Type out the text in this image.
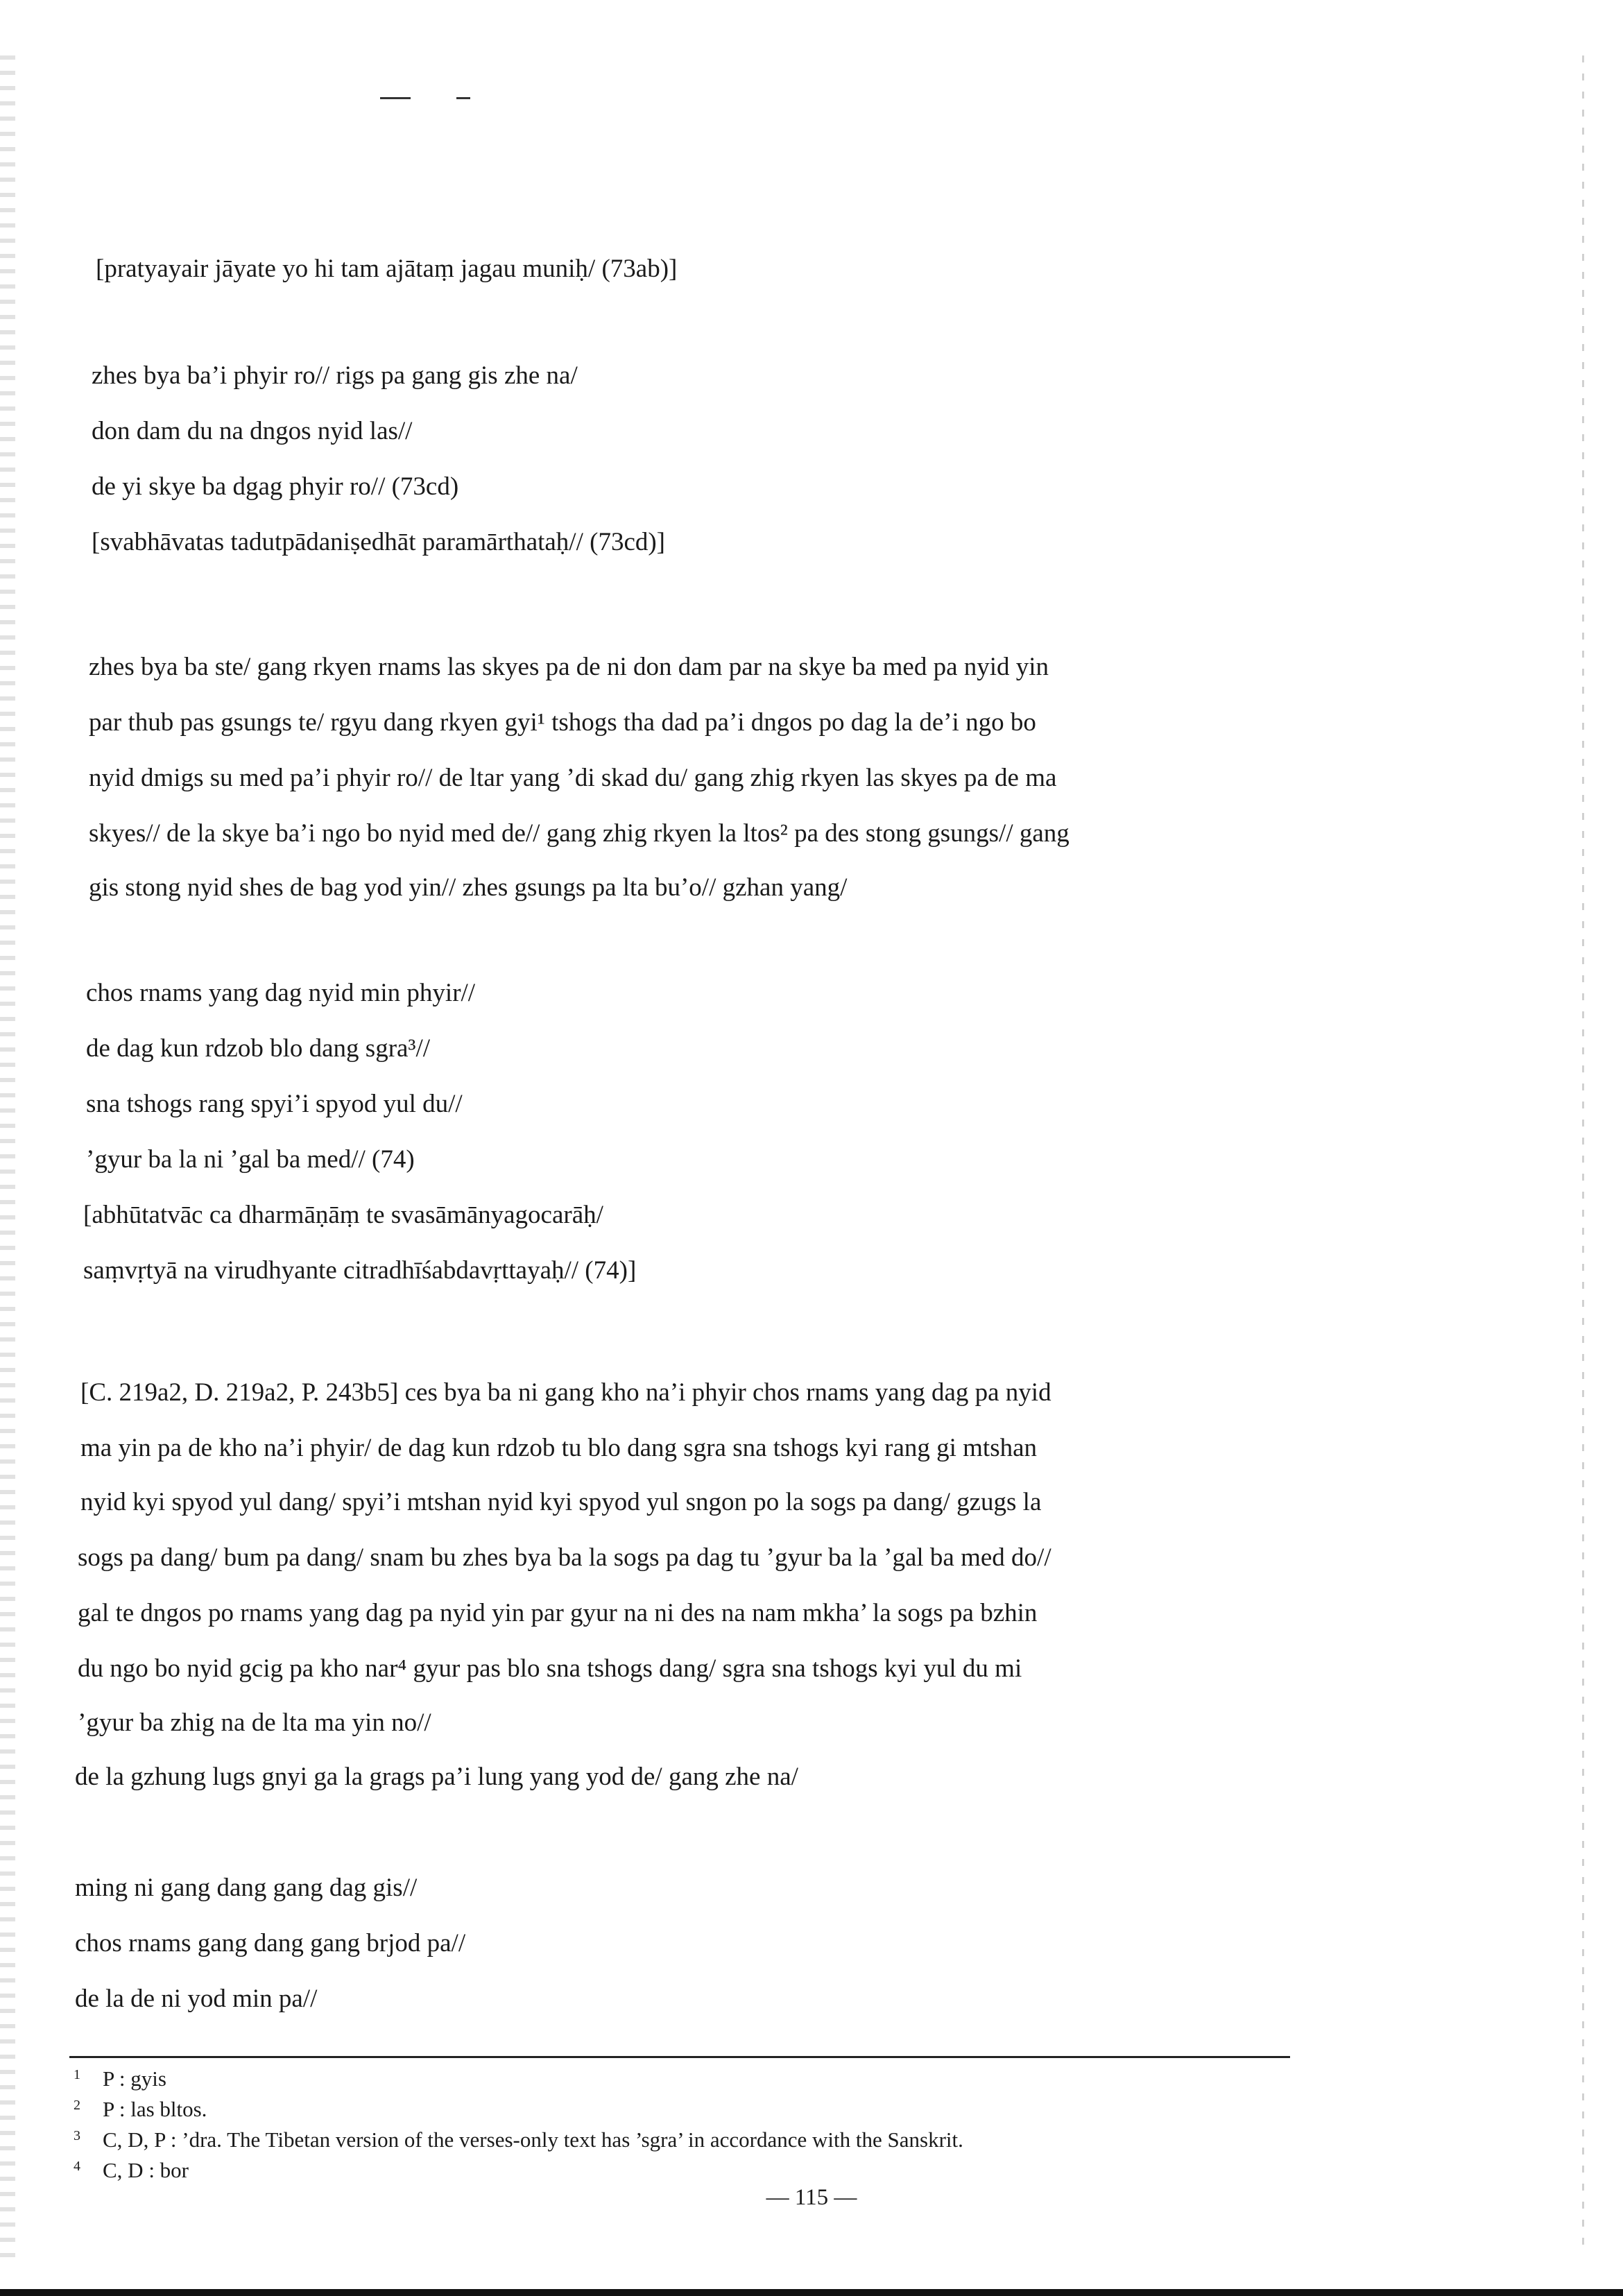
[pratyayair jāyate yo hi tam ajātaṃ jagau muniḥ/ (73ab)]
zhes bya ba’i phyir ro// rigs pa gang gis zhe na/
don dam du na dngos nyid las//
de yi skye ba dgag phyir ro// (73cd)
[svabhāvatas tadutpādaniṣedhāt paramārthataḥ// (73cd)]
zhes bya ba ste/ gang rkyen rnams las skyes pa de ni don dam par na skye ba med pa nyid yin
par thub pas gsungs te/ rgyu dang rkyen gyi¹ tshogs tha dad pa’i dngos po dag la de’i ngo bo
nyid dmigs su med pa’i phyir ro// de ltar yang ’di skad du/ gang zhig rkyen las skyes pa de ma
skyes// de la skye ba’i ngo bo nyid med de// gang zhig rkyen la ltos² pa des stong gsungs// gang
gis stong nyid shes de bag yod yin// zhes gsungs pa lta bu’o// gzhan yang/
chos rnams yang dag nyid min phyir//
de dag kun rdzob blo dang sgra³//
sna tshogs rang spyi’i spyod yul du//
’gyur ba la ni ’gal ba med// (74)
[abhūtatvāc ca dharmāṇāṃ te svasāmānyagocarāḥ/
saṃvṛtyā na virudhyante citradhīśabdavṛttayaḥ// (74)]
[C. 219a2, D. 219a2, P. 243b5] ces bya ba ni gang kho na’i phyir chos rnams yang dag pa nyid
ma yin pa de kho na’i phyir/ de dag kun rdzob tu blo dang sgra sna tshogs kyi rang gi mtshan
nyid kyi spyod yul dang/ spyi’i mtshan nyid kyi spyod yul sngon po la sogs pa dang/ gzugs la
sogs pa dang/ bum pa dang/ snam bu zhes bya ba la sogs pa dag tu ’gyur ba la ’gal ba med do//
gal te dngos po rnams yang dag pa nyid yin par gyur na ni des na nam mkha’ la sogs pa bzhin
du ngo bo nyid gcig pa kho nar⁴ gyur pas blo sna tshogs dang/ sgra sna tshogs kyi yul du mi
’gyur ba zhig na de lta ma yin no//
de la gzhung lugs gnyi ga la grags pa’i lung yang yod de/ gang zhe na/
ming ni gang dang gang dag gis//
chos rnams gang dang gang brjod pa//
de la de ni yod min pa//
1 P : gyis
2 P : las bltos.
3 C, D, P : ’dra. The Tibetan version of the verses-only text has ’sgra’ in accordance with the Sanskrit.
4 C, D : bor
— 115 —
